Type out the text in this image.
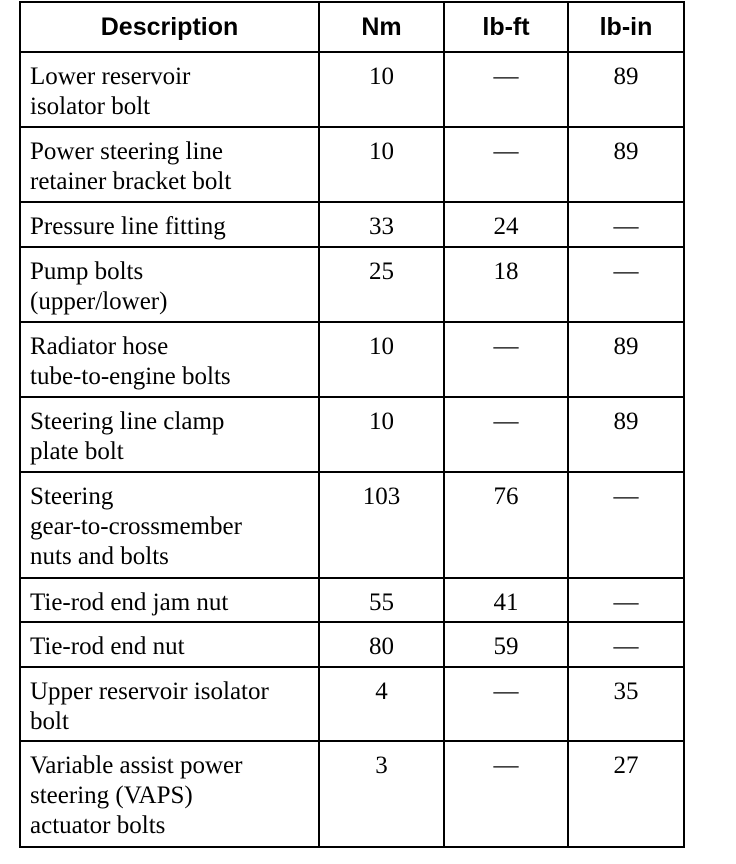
Description	Nm	lb-ft	lb-in

Lower reservoir
isolator bolt	10	—	89

Power steering line
retainer bracket bolt	10	—	89

Pressure line fitting	33	24	—

Pump bolts
(upper/lower)	25	18	—

Radiator hose
tube-to-engine bolts	10	—	89

Steering line clamp
plate bolt	10	—	89

Steering
gear-to-crossmember
nuts and bolts	103	76	—

Tie-rod end jam nut	55	41	—

Tie-rod end nut	80	59	—

Upper reservoir isolator
bolt	4	—	35

Variable assist power
steering (VAPS)
actuator bolts	3	—	27
